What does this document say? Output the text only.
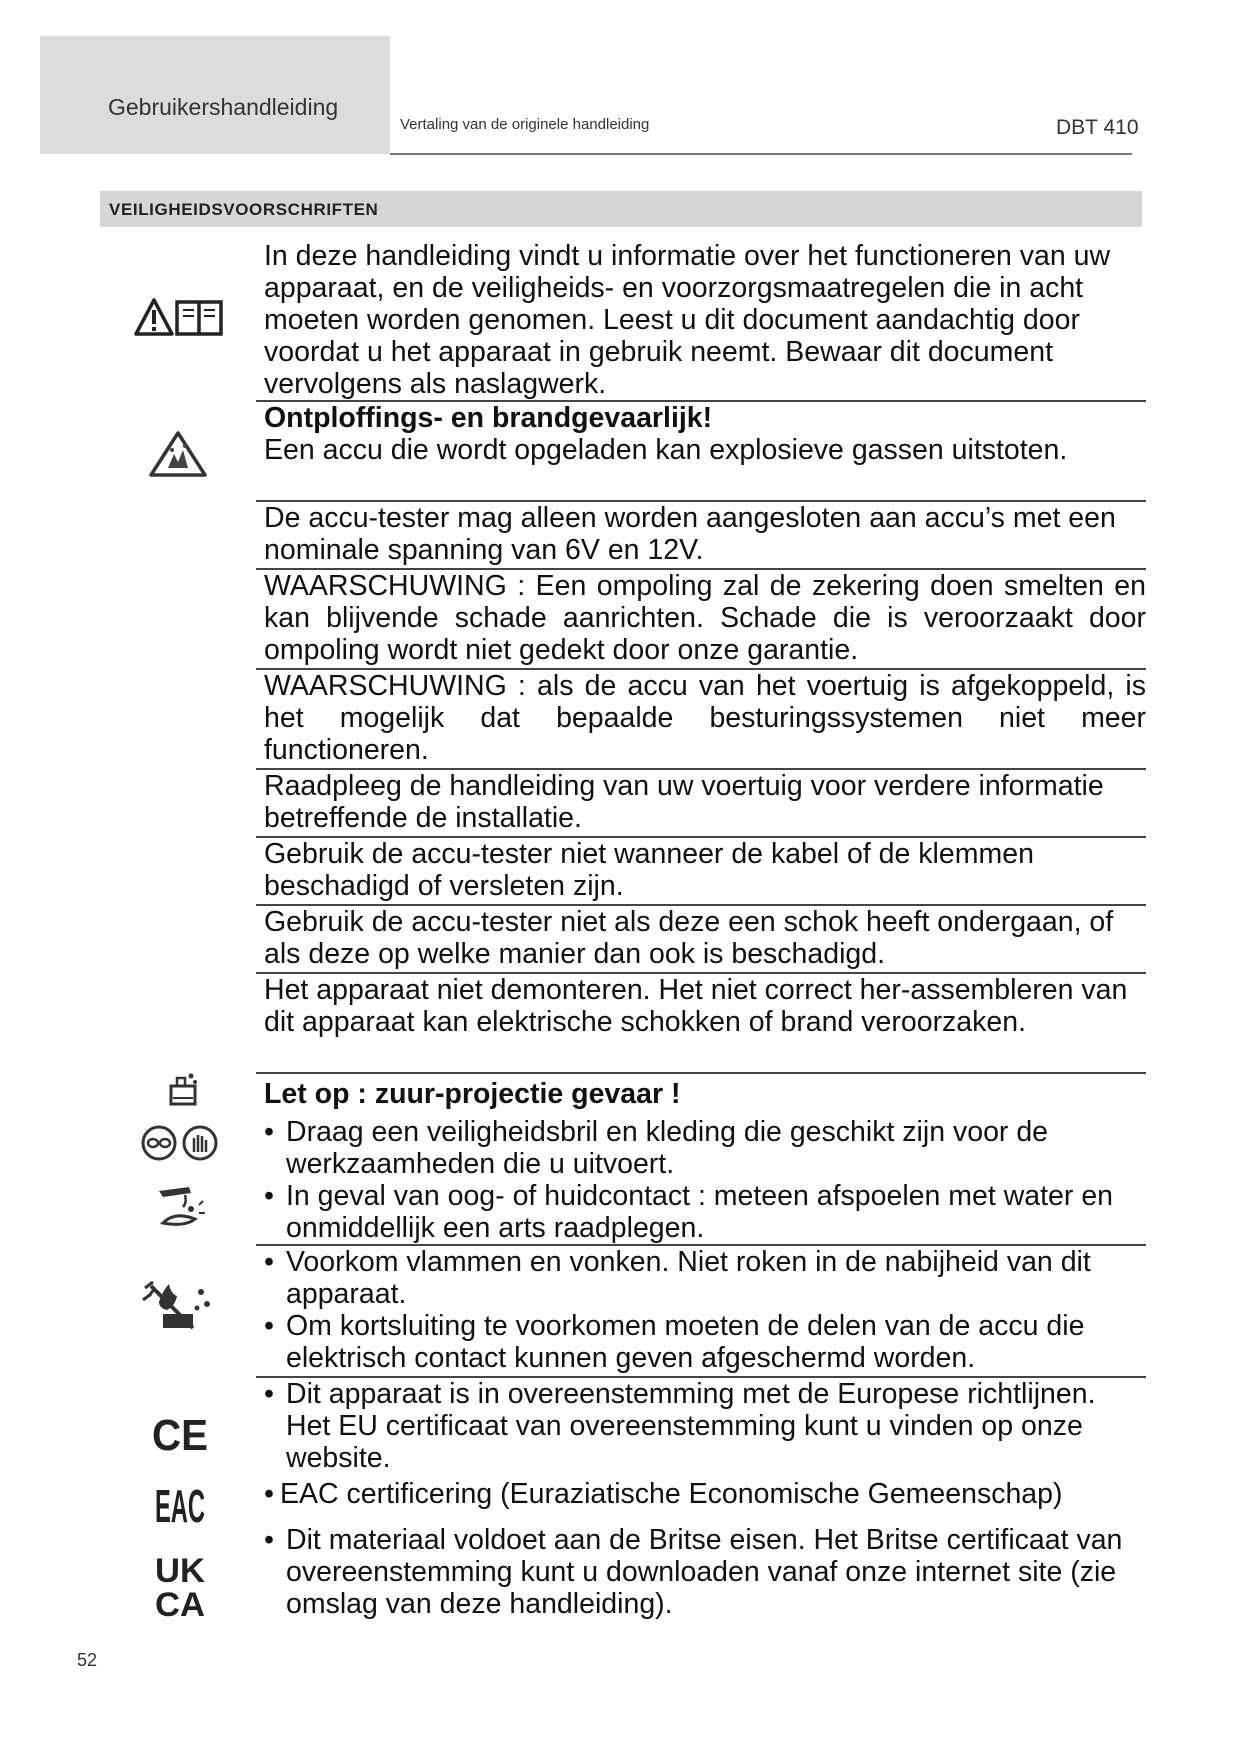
Gebruikershandleiding
Vertaling van de originele handleiding	DBT 410
VEILIGHEIDSVOORSCHRIFTEN
CE
EAC
UK
CA
In deze handleiding vindt u informatie over het functioneren van uw apparaat, en de veiligheids- en voorzorgsmaatregelen die in acht moeten worden genomen. Leest u dit document aandachtig door voordat u het apparaat in gebruik neemt. Bewaar dit document vervolgens als naslagwerk.
Ontploffings- en brandgevaarlijk!
Een accu die wordt opgeladen kan explosieve gassen uitstoten.
De accu-tester mag alleen worden aangesloten aan accu’s met een nominale spanning van 6V en 12V.
WAARSCHUWING : Een ompoling zal de zekering doen smelten en kan blijvende schade aanrichten. Schade die is veroorzaakt door ompoling wordt niet gedekt door onze garantie.
WAARSCHUWING : als de accu van het voertuig is afgekoppeld, is het mogelijk dat bepaalde besturingssystemen niet meer functioneren.
Raadpleeg de handleiding van uw voertuig voor verdere informatie betreffende de installatie.
Gebruik de accu-tester niet wanneer de kabel of de klemmen beschadigd of versleten zijn.
Gebruik de accu-tester niet als deze een schok heeft ondergaan, of als deze op welke manier dan ook is beschadigd.
Het apparaat niet demonteren. Het niet correct her-assembleren van dit apparaat kan elektrische schokken of brand veroorzaken.
Let op : zuur-projectie gevaar !
• Draag een veiligheidsbril en kleding die geschikt zijn voor de werkzaamheden die u uitvoert.
• In geval van oog- of huidcontact : meteen afspoelen met water en onmiddellijk een arts raadplegen.
• Voorkom vlammen en vonken. Niet roken in de nabijheid van dit apparaat.
• Om kortsluiting te voorkomen moeten de delen van de accu die elektrisch contact kunnen geven afgeschermd worden.
• Dit apparaat is in overeenstemming met de Europese richtlijnen. Het EU certificaat van overeenstemming kunt u vinden op onze website.
• EAC certificering (Euraziatische Economische Gemeenschap)
• Dit materiaal voldoet aan de Britse eisen. Het Britse certificaat van overeenstemming kunt u downloaden vanaf onze internet site (zie omslag van deze handleiding).
52
